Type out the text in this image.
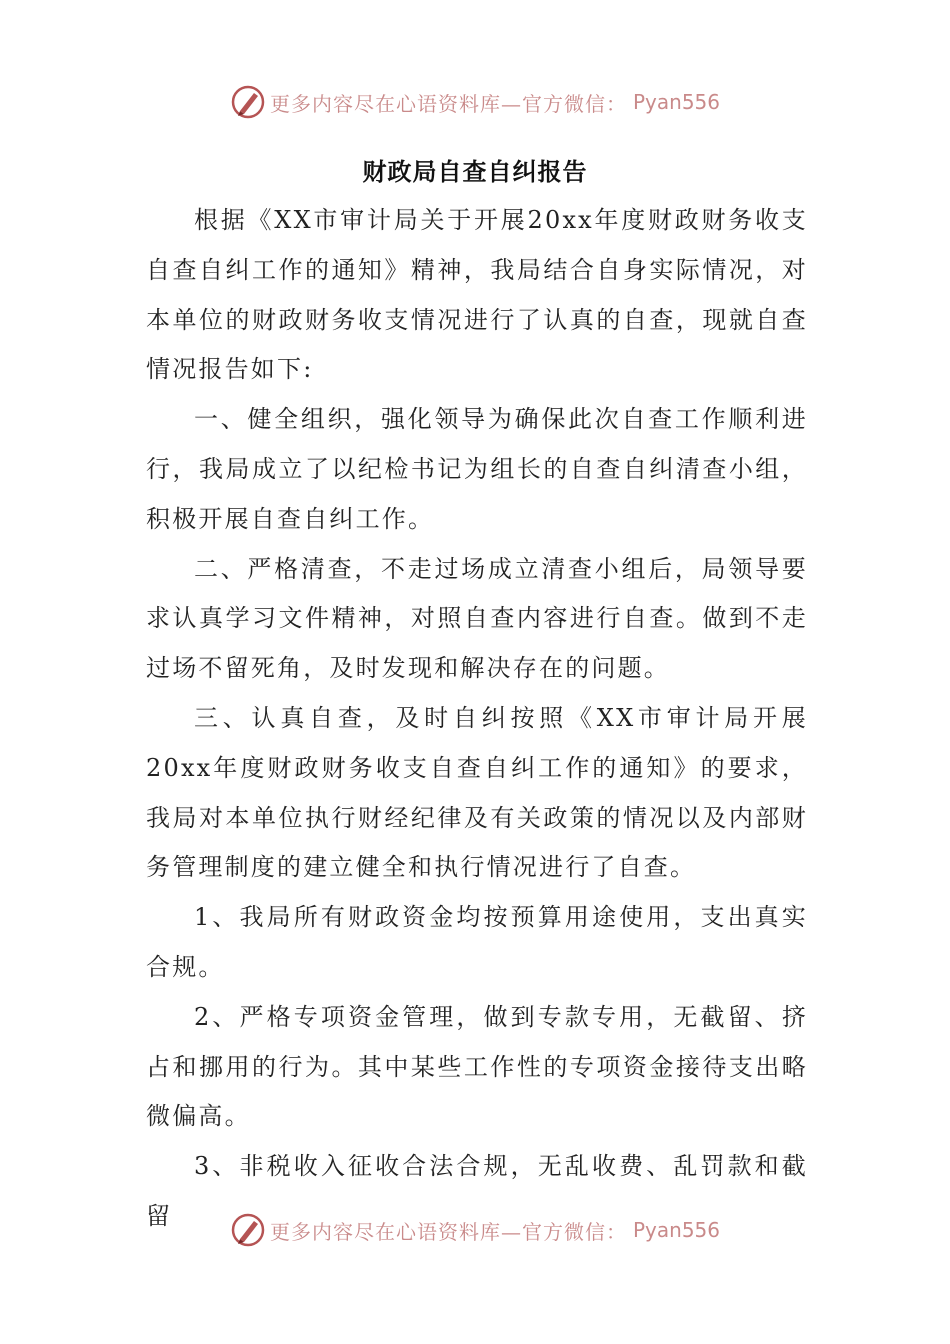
更多内容尽在心语资料库—官方微信： Pyan556
财政局自查自纠报告

根据《XX市审计局关于开展20xx年度财政财务收支自查自纠工作的通知》精神，我局结合自身实际情况，对本单位的财政财务收支情况进行了认真的自查，现就自查情况报告如下:

一、健全组织，强化领导为确保此次自查工作顺利进行，我局成立了以纪检书记为组长的自查自纠清查小组，积极开展自查自纠工作。

二、严格清查，不走过场成立清查小组后，局领导要求认真学习文件精神，对照自查内容进行自查。做到不走过场不留死角，及时发现和解决存在的问题。

三、认真自查，及时自纠按照《XX市审计局开展20xx年度财政财务收支自查自纠工作的通知》的要求，我局对本单位执行财经纪律及有关政策的情况以及内部财务管理制度的建立健全和执行情况进行了自查。

1、我局所有财政资金均按预算用途使用，支出真实合规。

2、严格专项资金管理，做到专款专用，无截留、挤占和挪用的行为。其中某些工作性的专项资金接待支出略微偏高。

3、非税收入征收合法合规，无乱收费、乱罚款和截留

更多内容尽在心语资料库—官方微信： Pyan556
